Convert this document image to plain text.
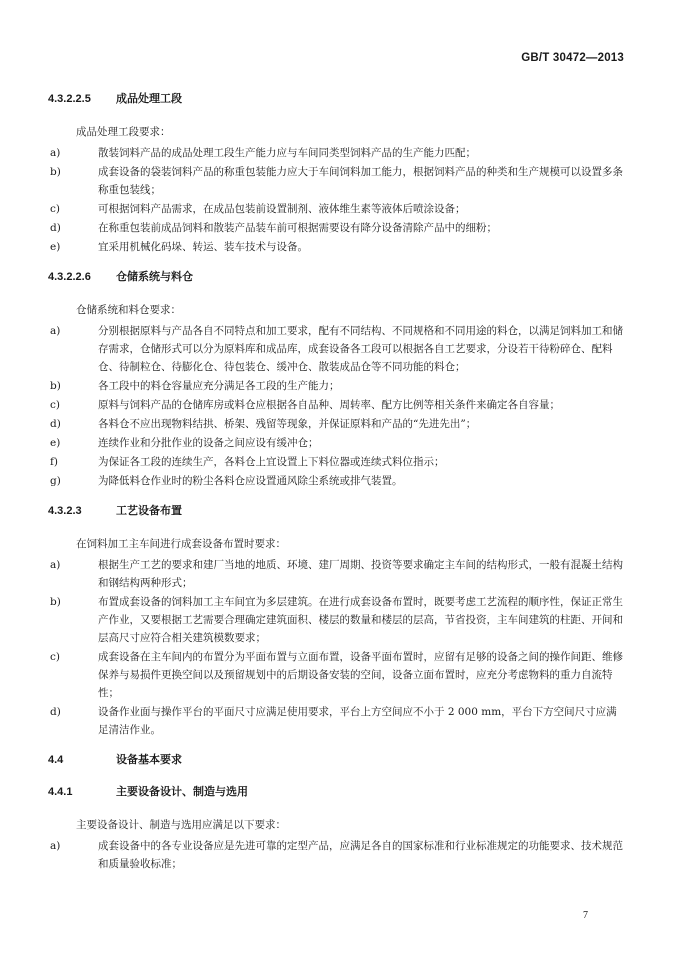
GB/T 30472—2013
4.3.2.2.5 成品处理工段
成品处理工段要求：
a)	散装饲料产品的成品处理工段生产能力应与车间同类型饲料产品的生产能力匹配；
b)	成套设备的袋装饲料产品的称重包装能力应大于车间饲料加工能力，根据饲料产品的种类和生产规模可以设置多条称重包装线；
c)	可根据饲料产品需求，在成品包装前设置制剂、液体维生素等液体后喷涂设备；
d)	在称重包装前成品饲料和散装产品装车前可根据需要设有降分设备清除产品中的细粉；
e)	宜采用机械化码垛、转运、装车技术与设备。
4.3.2.2.6 仓储系统与料仓
仓储系统和料仓要求：
a)	分别根据原料与产品各自不同特点和加工要求，配有不同结构、不同规格和不同用途的料仓，以满足饲料加工和储存需求，仓储形式可以分为原料库和成品库，成套设备各工段可以根据各自工艺要求，分设若干待粉碎仓、配料仓、待制粒仓、待膨化仓、待包装仓、缓冲仓、散装成品仓等不同功能的料仓；
b)	各工段中的料仓容量应充分满足各工段的生产能力；
c)	原料与饲料产品的仓储库房或料仓应根据各自品种、周转率、配方比例等相关条件来确定各自容量；
d)	各料仓不应出现物料结拱、桥架、残留等现象，并保证原料和产品的“先进先出”；
e)	连续作业和分批作业的设备之间应设有缓冲仓；
f)	为保证各工段的连续生产，各料仓上宜设置上下料位器或连续式料位指示；
g)	为降低料仓作业时的粉尘各料仓应设置通风除尘系统或排气装置。
4.3.2.3	工艺设备布置
在饲料加工主车间进行成套设备布置时要求：
a)	根据生产工艺的要求和建厂当地的地质、环境、建厂周期、投资等要求确定主车间的结构形式，一般有混凝土结构和钢结构两种形式；
b)	布置成套设备的饲料加工主车间宜为多层建筑。在进行成套设备布置时，既要考虑工艺流程的顺序性，保证正常生产作业，又要根据工艺需要合理确定建筑面积、楼层的数量和楼层的层高，节省投资，主车间建筑的柱距、开间和层高尺寸应符合相关建筑模数要求；
c)	成套设备在主车间内的布置分为平面布置与立面布置，设备平面布置时，应留有足够的设备之间的操作间距、维修保养与易损件更换空间以及预留规划中的后期设备安装的空间，设备立面布置时，应充分考虑物料的重力自流特性；
d)	设备作业面与操作平台的平面尺寸应满足使用要求，平台上方空间应不小于 2 000 mm，平台下方空间尺寸应满足清洁作业。
4.4	设备基本要求
4.4.1	主要设备设计、制造与选用
主要设备设计、制造与选用应满足以下要求：
a)	成套设备中的各专业设备应是先进可靠的定型产品，应满足各自的国家标准和行业标准规定的功能要求、技术规范和质量验收标准；
7
